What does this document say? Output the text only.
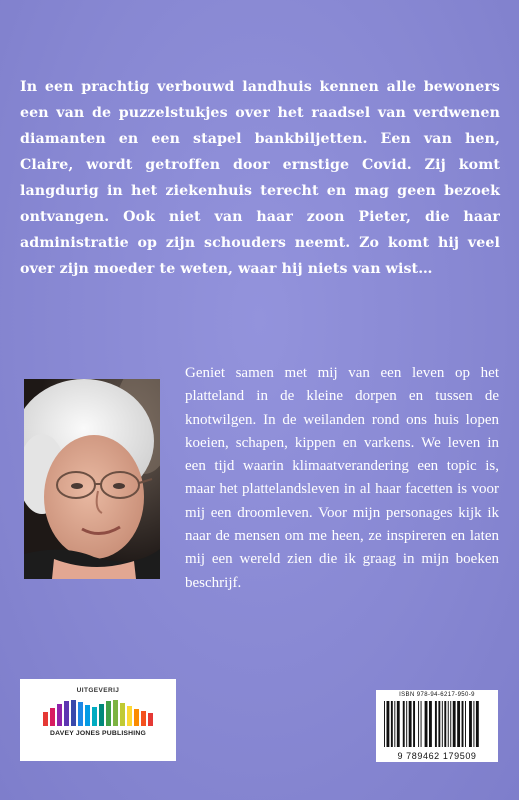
In een prachtig verbouwd landhuis kennen alle bewoners een van de puzzelstukjes over het raadsel van verdwenen diamanten en een stapel bankbiljetten. Een van hen, Claire, wordt getroffen door ernstige Covid. Zij komt langdurig in het ziekenhuis terecht en mag geen bezoek ontvangen. Ook niet van haar zoon Pieter, die haar administratie op zijn schouders neemt. Zo komt hij veel over zijn moeder te weten, waar hij niets van wist…
Geniet samen met mij van een leven op het platteland in de kleine dorpen en tussen de knotwilgen. In de weilanden rond ons huis lopen koeien, schapen, kippen en varkens. We leven in een tijd waarin klimaatverandering een topic is, maar het plattelandsleven in al haar facetten is voor mij een droomleven. Voor mijn personages kijk ik naar de mensen om me heen, ze inspireren en laten mij een wereld zien die ik graag in mijn boeken beschrijf.
UITGEVERIJ
DAVEY JONES PUBLISHING
ISBN 978-94-6217-950-9
9 789462 179509
